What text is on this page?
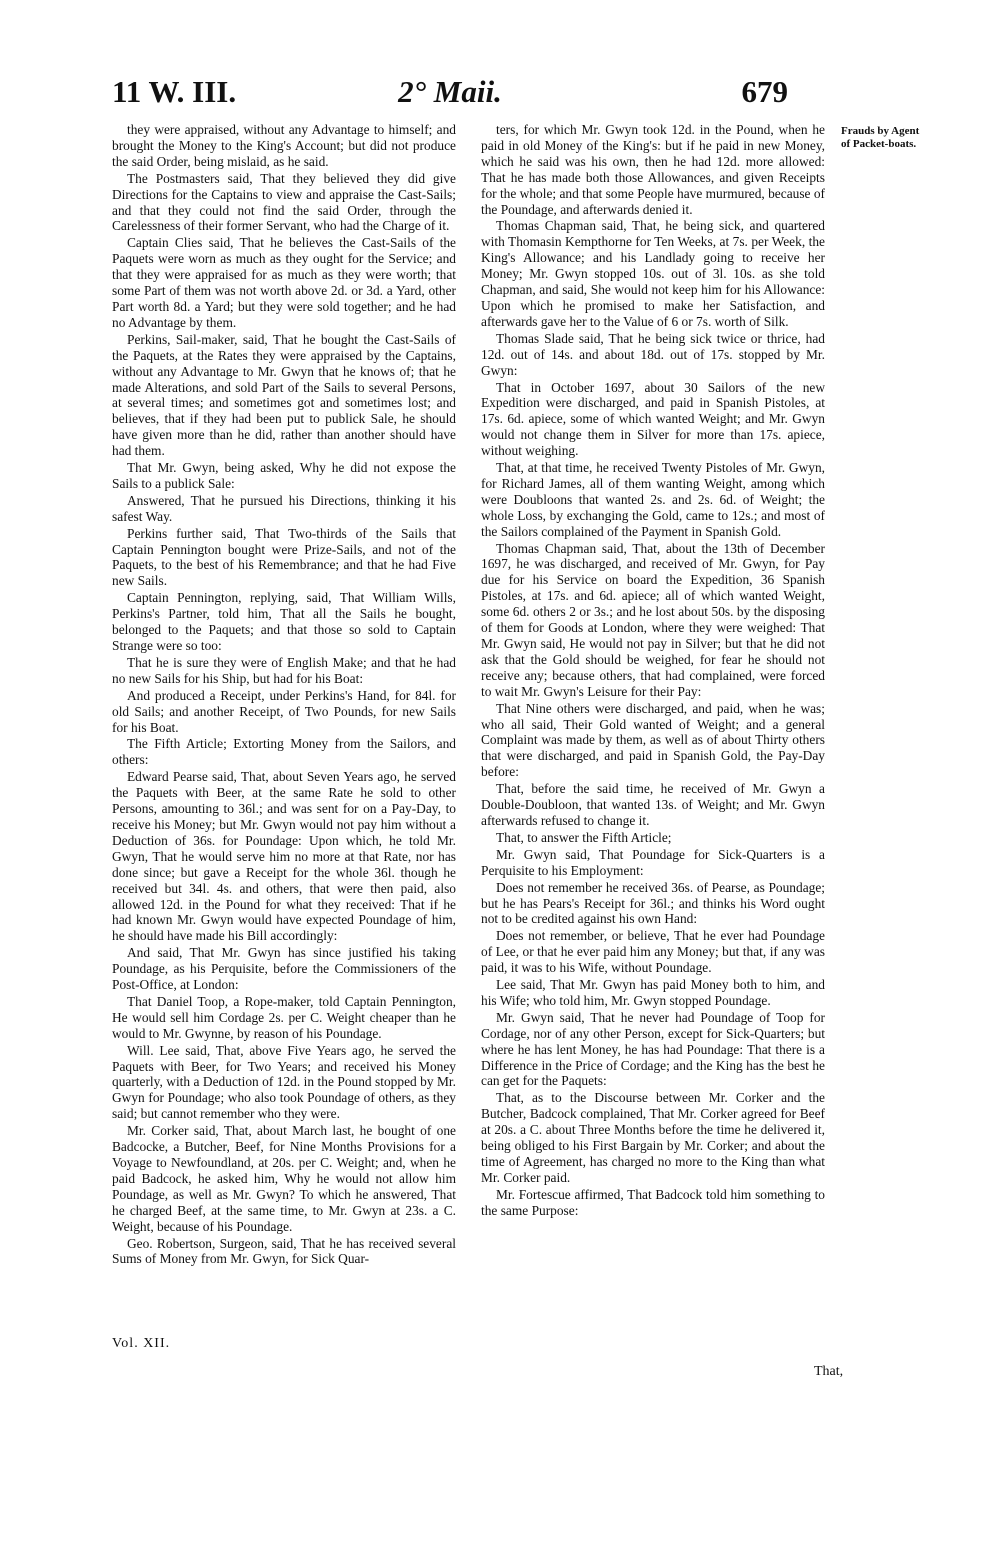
11 W. III.	2° Maii.	679

they were appraised, without any Advantage to himself; and brought the Money to the King's Account; but did not produce the said Order, being mislaid, as he said.

The Postmasters said, That they believed they did give Directions for the Captains to view and appraise the Cast-Sails; and that they could not find the said Order, through the Carelessness of their former Servant, who had the Charge of it.

Captain Clies said, That he believes the Cast-Sails of the Paquets were worn as much as they ought for the Service; and that they were appraised for as much as they were worth; that some Part of them was not worth above 2d. or 3d. a Yard, other Part worth 8d. a Yard; but they were sold together; and he had no Advantage by them.

Perkins, Sail-maker, said, That he bought the Cast-Sails of the Paquets, at the Rates they were appraised by the Captains, without any Advantage to Mr. Gwyn that he knows of; that he made Alterations, and sold Part of the Sails to several Persons, at several times; and sometimes got and sometimes lost; and believes, that if they had been put to publick Sale, he should have given more than he did, rather than another should have had them.

That Mr. Gwyn, being asked, Why he did not expose the Sails to a publick Sale:

Answered, That he pursued his Directions, thinking it his safest Way.

Perkins further said, That Two-thirds of the Sails that Captain Pennington bought were Prize-Sails, and not of the Paquets, to the best of his Remembrance; and that he had Five new Sails.

Captain Pennington, replying, said, That William Wills, Perkins's Partner, told him, That all the Sails he bought, belonged to the Paquets; and that those so sold to Captain Strange were so too:

That he is sure they were of English Make; and that he had no new Sails for his Ship, but had for his Boat:

And produced a Receipt, under Perkins's Hand, for 84l. for old Sails; and another Receipt, of Two Pounds, for new Sails for his Boat.

The Fifth Article; Extorting Money from the Sailors, and others:

Edward Pearse said, That, about Seven Years ago, he served the Paquets with Beer, at the same Rate he sold to other Persons, amounting to 36l.; and was sent for on a Pay-Day, to receive his Money; but Mr. Gwyn would not pay him without a Deduction of 36s. for Poundage: Upon which, he told Mr. Gwyn, That he would serve him no more at that Rate, nor has done since; but gave a Receipt for the whole 36l. though he received but 34l. 4s. and others, that were then paid, also allowed 12d. in the Pound for what they received: That if he had known Mr. Gwyn would have expected Poundage of him, he should have made his Bill accordingly:

And said, That Mr. Gwyn has since justified his taking Poundage, as his Perquisite, before the Commissioners of the Post-Office, at London:

That Daniel Toop, a Rope-maker, told Captain Pennington, He would sell him Cordage 2s. per C. Weight cheaper than he would to Mr. Gwynne, by reason of his Poundage.

Will. Lee said, That, above Five Years ago, he served the Paquets with Beer, for Two Years; and received his Money quarterly, with a Deduction of 12d. in the Pound stopped by Mr. Gwyn for Poundage; who also took Poundage of others, as they said; but cannot remember who they were.

Mr. Corker said, That, about March last, he bought of one Badcocke, a Butcher, Beef, for Nine Months Provisions for a Voyage to Newfoundland, at 20s. per C. Weight; and, when he paid Badcock, he asked him, Why he would not allow him Poundage, as well as Mr. Gwyn? To which he answered, That he charged Beef, at the same time, to Mr. Gwyn at 23s. a C. Weight, because of his Poundage.

Geo. Robertson, Surgeon, said, That he has received several Sums of Money from Mr. Gwyn, for Sick Quar-

ters, for which Mr. Gwyn took 12d. in the Pound, when he paid in old Money of the King's: but if he paid in new Money, which he said was his own, then he had 12d. more allowed: That he has made both those Allowances, and given Receipts for the whole; and that some People have murmured, because of the Poundage, and afterwards denied it.

Thomas Chapman said, That, he being sick, and quartered with Thomasin Kempthorne for Ten Weeks, at 7s. per Week, the King's Allowance; and his Landlady going to receive her Money; Mr. Gwyn stopped 10s. out of 3l. 10s. as she told Chapman, and said, She would not keep him for his Allowance: Upon which he promised to make her Satisfaction, and afterwards gave her to the Value of 6 or 7s. worth of Silk.

Thomas Slade said, That he being sick twice or thrice, had 12d. out of 14s. and about 18d. out of 17s. stopped by Mr. Gwyn:

That in October 1697, about 30 Sailors of the new Expedition were discharged, and paid in Spanish Pistoles, at 17s. 6d. apiece, some of which wanted Weight; and Mr. Gwyn would not change them in Silver for more than 17s. apiece, without weighing.

That, at that time, he received Twenty Pistoles of Mr. Gwyn, for Richard James, all of them wanting Weight, among which were Doubloons that wanted 2s. and 2s. 6d. of Weight; the whole Loss, by exchanging the Gold, came to 12s.; and most of the Sailors complained of the Payment in Spanish Gold.

Thomas Chapman said, That, about the 13th of December 1697, he was discharged, and received of Mr. Gwyn, for Pay due for his Service on board the Expedition, 36 Spanish Pistoles, at 17s. and 6d. apiece; all of which wanted Weight, some 6d. others 2 or 3s.; and he lost about 50s. by the disposing of them for Goods at London, where they were weighed: That Mr. Gwyn said, He would not pay in Silver; but that he did not ask that the Gold should be weighed, for fear he should not receive any; because others, that had complained, were forced to wait Mr. Gwyn's Leisure for their Pay:

That Nine others were discharged, and paid, when he was; who all said, Their Gold wanted of Weight; and a general Complaint was made by them, as well as of about Thirty others that were discharged, and paid in Spanish Gold, the Pay-Day before:

That, before the said time, he received of Mr. Gwyn a Double-Doubloon, that wanted 13s. of Weight; and Mr. Gwyn afterwards refused to change it.

That, to answer the Fifth Article;

Mr. Gwyn said, That Poundage for Sick-Quarters is a Perquisite to his Employment:

Does not remember he received 36s. of Pearse, as Poundage; but he has Pears's Receipt for 36l.; and thinks his Word ought not to be credited against his own Hand:

Does not remember, or believe, That he ever had Poundage of Lee, or that he ever paid him any Money; but that, if any was paid, it was to his Wife, without Poundage.

Lee said, That Mr. Gwyn has paid Money both to him, and his Wife; who told him, Mr. Gwyn stopped Poundage.

Mr. Gwyn said, That he never had Poundage of Toop for Cordage, nor of any other Person, except for Sick-Quarters; but where he has lent Money, he has had Poundage: That there is a Difference in the Price of Cordage; and the King has the best he can get for the Paquets:

That, as to the Discourse between Mr. Corker and the Butcher, Badcock complained, That Mr. Corker agreed for Beef at 20s. a C. about Three Months before the time he delivered it, being obliged to his First Bargain by Mr. Corker; and about the time of Agreement, has charged no more to the King than what Mr. Corker paid.

Mr. Fortescue affirmed, That Badcock told him something to the same Purpose:

Frauds by Agent of Packet-boats.
Vol. XII.
That,
